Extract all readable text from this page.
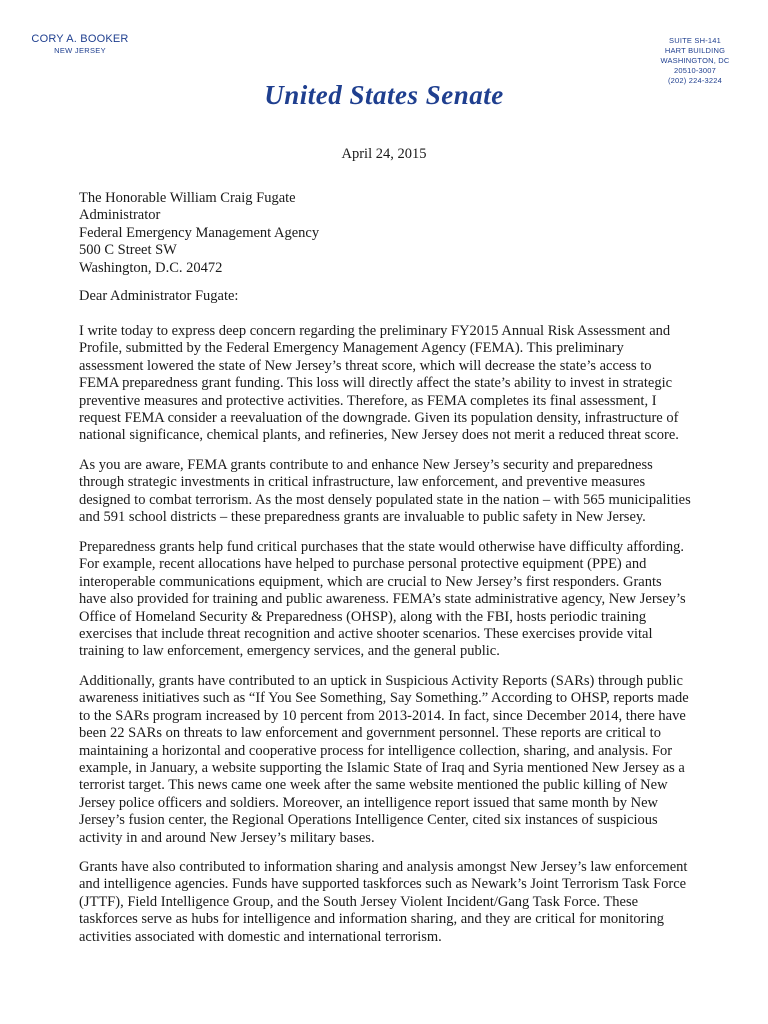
CORY A. BOOKER
NEW JERSEY
SUITE SH-141
HART BUILDING
WASHINGTON, DC 20510-3007
(202) 224-3224
United States Senate
April 24, 2015
The Honorable William Craig Fugate
Administrator
Federal Emergency Management Agency
500 C Street SW
Washington, D.C. 20472
Dear Administrator Fugate:
I write today to express deep concern regarding the preliminary FY2015 Annual Risk Assessment and Profile, submitted by the Federal Emergency Management Agency (FEMA). This preliminary assessment lowered the state of New Jersey’s threat score, which will decrease the state’s access to FEMA preparedness grant funding. This loss will directly affect the state’s ability to invest in strategic preventive measures and protective activities. Therefore, as FEMA completes its final assessment, I request FEMA consider a reevaluation of the downgrade. Given its population density, infrastructure of national significance, chemical plants, and refineries, New Jersey does not merit a reduced threat score.
As you are aware, FEMA grants contribute to and enhance New Jersey’s security and preparedness through strategic investments in critical infrastructure, law enforcement, and preventive measures designed to combat terrorism. As the most densely populated state in the nation – with 565 municipalities and 591 school districts – these preparedness grants are invaluable to public safety in New Jersey.
Preparedness grants help fund critical purchases that the state would otherwise have difficulty affording. For example, recent allocations have helped to purchase personal protective equipment (PPE) and interoperable communications equipment, which are crucial to New Jersey’s first responders. Grants have also provided for training and public awareness. FEMA’s state administrative agency, New Jersey’s Office of Homeland Security & Preparedness (OHSP), along with the FBI, hosts periodic training exercises that include threat recognition and active shooter scenarios. These exercises provide vital training to law enforcement, emergency services, and the general public.
Additionally, grants have contributed to an uptick in Suspicious Activity Reports (SARs) through public awareness initiatives such as “If You See Something, Say Something.” According to OHSP, reports made to the SARs program increased by 10 percent from 2013-2014. In fact, since December 2014, there have been 22 SARs on threats to law enforcement and government personnel. These reports are critical to maintaining a horizontal and cooperative process for intelligence collection, sharing, and analysis. For example, in January, a website supporting the Islamic State of Iraq and Syria mentioned New Jersey as a terrorist target. This news came one week after the same website mentioned the public killing of New Jersey police officers and soldiers. Moreover, an intelligence report issued that same month by New Jersey’s fusion center, the Regional Operations Intelligence Center, cited six instances of suspicious activity in and around New Jersey’s military bases.
Grants have also contributed to information sharing and analysis amongst New Jersey’s law enforcement and intelligence agencies. Funds have supported taskforces such as Newark’s Joint Terrorism Task Force (JTTF), Field Intelligence Group, and the South Jersey Violent Incident/Gang Task Force. These taskforces serve as hubs for intelligence and information sharing, and they are critical for monitoring activities associated with domestic and international terrorism.
